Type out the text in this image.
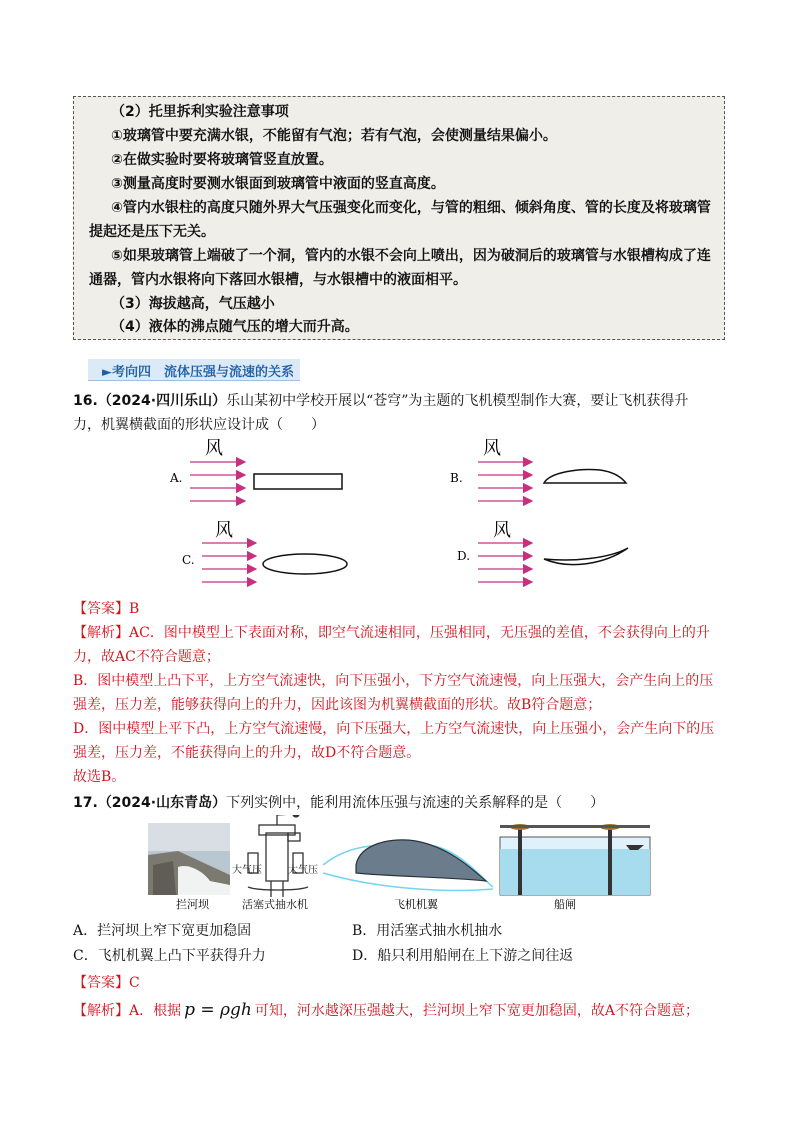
（2）托里拆利实验注意事项
①玻璃管中要充满水银，不能留有气泡；若有气泡，会使测量结果偏小。
②在做实验时要将玻璃管竖直放置。
③测量高度时要测水银面到玻璃管中液面的竖直高度。
④管内水银柱的高度只随外界大气压强变化而变化，与管的粗细、倾斜角度、管的长度及将玻璃管
提起还是压下无关。
⑤如果玻璃管上端破了一个洞，管内的水银不会向上喷出，因为破洞后的玻璃管与水银槽构成了连
通器，管内水银将向下落回水银槽，与水银槽中的液面相平。
（3）海拔越高，气压越小
（4）液体的沸点随气压的增大而升高。
►考向四　流体压强与流速的关系
16.（2024·四川乐山）乐山某初中学校开展以“苍穹”为主题的飞机模型制作大赛，要让飞机获得升
力，机翼横截面的形状应设计成（　　）
A.
风
B.
风
C.
风
D.
风
【答案】B
【解析】AC．图中模型上下表面对称，即空气流速相同，压强相同，无压强的差值，不会获得向上的升
力，故AC不符合题意；
B．图中模型上凸下平，上方空气流速快，向下压强小，下方空气流速慢，向上压强大，会产生向上的压
强差，压力差，能够获得向上的升力，因此该图为机翼横截面的形状。故B符合题意；
D．图中模型上平下凸，上方空气流速慢，向下压强大，上方空气流速快，向上压强小，会产生向下的压
强差，压力差，不能获得向上的升力，故D不符合题意。
故选B。
17.（2024·山东青岛）下列实例中，能利用流体压强与流速的关系解释的是（　　）
拦河坝
大气压	大气压
活塞式抽水机	飞机机翼	船闸
A．拦河坝上窄下宽更加稳固	B．用活塞式抽水机抽水
C．飞机机翼上凸下平获得升力	D．船只利用船闸在上下游之间往返
【答案】C
【解析】A．根据 p = ρgh 可知，河水越深压强越大，拦河坝上窄下宽更加稳固，故A不符合题意；
